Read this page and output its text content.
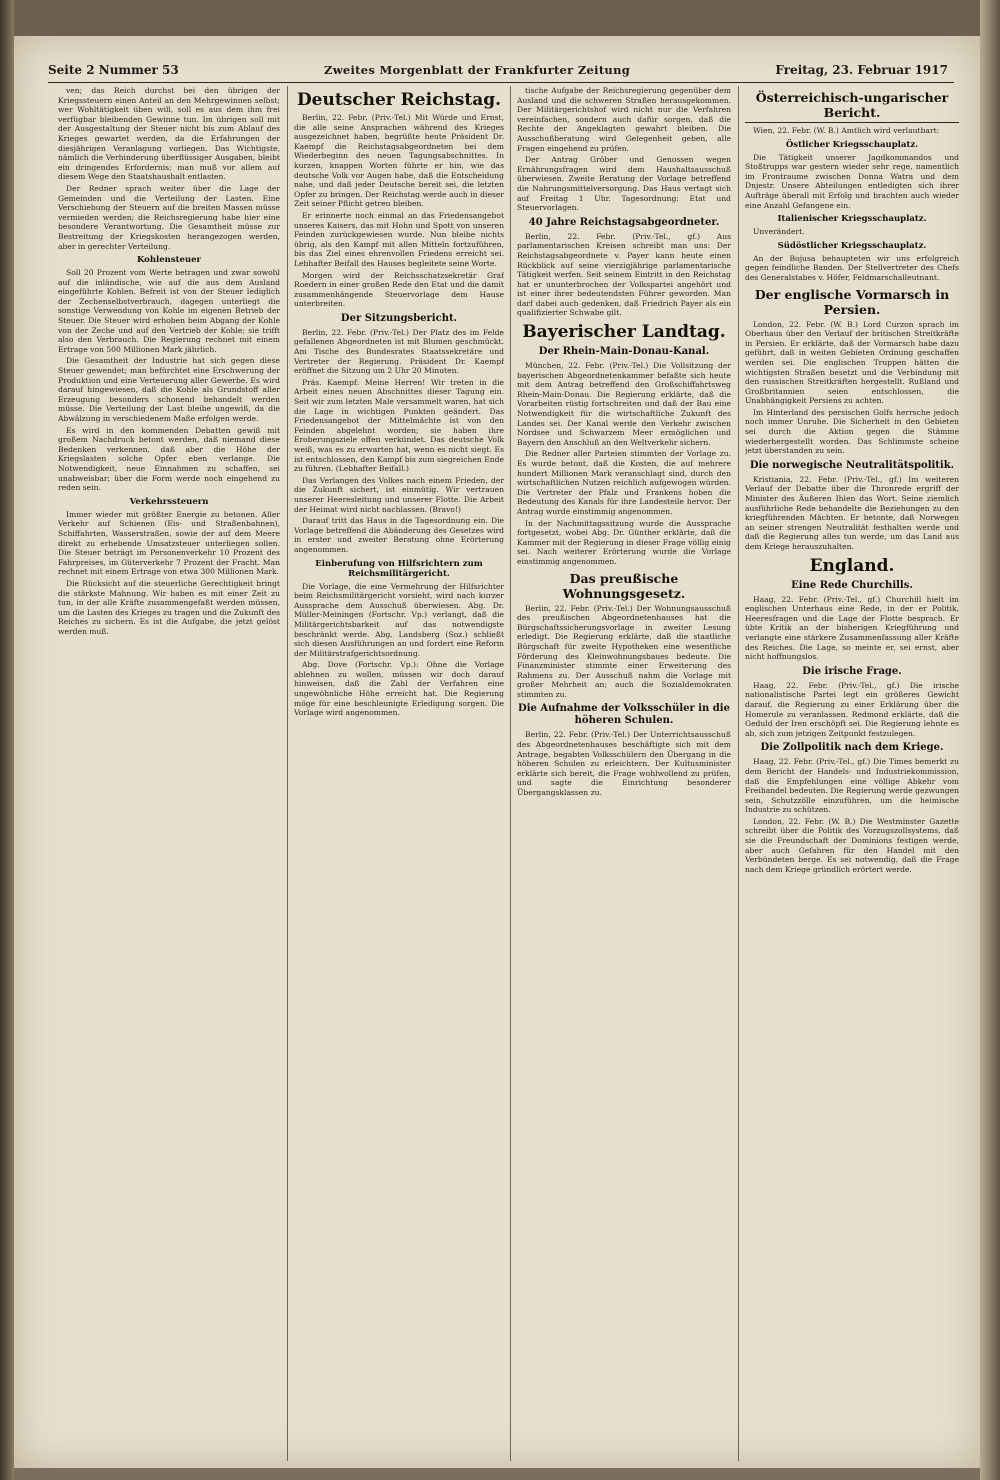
Seite 2 Nummer 53	Zweites Morgenblatt der Frankfurter Zeitung	Freitag, 23. Februar 1917

ven; das Reich durchst bei den übrigen der Kriegssteuern einen Anteil an den Mehrgewinnen selbst; wer Wohltätigkeit üben will, soll es aus dem ihm frei verfügbar bleibenden Gewinne tun. Im übrigen soll mit der Ausgestaltung der Steuer nicht bis zum Ablauf des Krieges gewartet werden, da die Erfahrungen der diesjährigen Veranlagung vorliegen. Das Wichtigste, nämlich die Verhinderung überflüssiger Ausgaben, bleibt ein dringendes Erfordernis; man muß vor allem auf diesem Wege den Staatshaushalt entlasten.

Der Redner sprach weiter über die Lage der Gemeinden und die Verteilung der Lasten. Eine Verschiebung der Steuern auf die breiten Massen müsse vermieden werden; die Reichsregierung habe hier eine besondere Verantwortung. Die Gesamtheit müsse zur Bestreitung der Kriegskosten herangezogen werden, aber in gerechter Verteilung.

Kohlensteuer

Soll 20 Prozent vom Werte betragen und zwar sowohl auf die inländische, wie auf die aus dem Ausland eingeführte Kohlen. Befreit ist von der Steuer lediglich der Zechenselbstverbrauch, dagegen unterliegt die sonstige Verwendung von Kohle im eigenen Betrieb der Steuer. Die Steuer wird erhoben beim Abgang der Kohle von der Zeche und auf den Vertrieb der Kohle; sie trifft also den Verbrauch. Die Regierung rechnet mit einem Ertrage von 500 Millionen Mark jährlich.

Die Gesamtheit der Industrie hat sich gegen diese Steuer gewendet; man befürchtet eine Erschwerung der Produktion und eine Verteuerung aller Gewerbe. Es wird darauf hingewiesen, daß die Kohle als Grundstoff aller Erzeugung besonders schonend behandelt werden müsse. Die Verteilung der Last bleibe ungewiß, da die Abwälzung in verschiedenem Maße erfolgen werde.

Es wird in den kommenden Debatten gewiß mit großem Nachdruck betont werden, daß niemand diese Bedenken verkennen, daß aber die Höhe der Kriegslasten solche Opfer eben verlange. Die Notwendigkeit, neue Einnahmen zu schaffen, sei unabweisbar; über die Form werde noch eingehend zu reden sein.

Verkehrssteuern

Immer wieder mit größter Energie zu betonen. Aller Verkehr auf Schienen (Eis- und Straßenbahnen), Schiffahrten, Wasserstraßen, sowie der auf dem Meere direkt zu erhebende Umsatzsteuer unterliegen sollen. Die Steuer beträgt im Personenverkehr 10 Prozent des Fahrpreises, im Güterverkehr 7 Prozent der Fracht. Man rechnet mit einem Ertrage von etwa 300 Millionen Mark.

Die Rücksicht auf die steuerliche Gerechtigkeit bringt die stärkste Mahnung. Wir haben es mit einer Zeit zu tun, in der alle Kräfte zusammengefaßt werden müssen, um die Lasten des Krieges zu tragen und die Zukunft des Reiches zu sichern. Es ist die Aufgabe, die jetzt gelöst werden muß.

Deutscher Reichstag.

Berlin, 22. Febr. (Priv.-Tel.) Mit Würde und Ernst, die alle seine Ansprachen während des Krieges ausgezeichnet haben, begrüßte heute Präsident Dr. Kaempf die Reichstagsabgeordneten bei dem Wiederbeginn des neuen Tagungsabschnittes. In kurzen, knappen Worten führte er hin, wie das deutsche Volk vor Augen habe, daß die Entscheidung nahe, und daß jeder Deutsche bereit sei, die letzten Opfer zu bringen. Der Reichstag werde auch in dieser Zeit seiner Pflicht getreu bleiben.

Er erinnerte noch einmal an das Friedensangebot unseres Kaisers, das mit Hohn und Spott von unseren Feinden zurückgewiesen wurde. Nun bleibe nichts übrig, als den Kampf mit allen Mitteln fortzuführen, bis das Ziel eines ehrenvollen Friedens erreicht sei. Lebhafter Beifall des Hauses begleitete seine Worte.

Morgen wird der Reichsschatzsekretär Graf Roedern in einer großen Rede den Etat und die damit zusammenhängende Steuervorlage dem Hause unterbreiten.

Der Sitzungsbericht.

Berlin, 22. Febr. (Priv.-Tel.) Der Platz des im Felde gefallenen Abgeordneten ist mit Blumen geschmückt. Am Tische des Bundesrates Staatssekretäre und Vertreter der Regierung. Präsident Dr. Kaempf eröffnet die Sitzung um 2 Uhr 20 Minuten.

Präs. Kaempf: Meine Herren! Wir treten in die Arbeit eines neuen Abschnittes dieser Tagung ein. Seit wir zum letzten Male versammelt waren, hat sich die Lage in wichtigen Punkten geändert. Das Friedensangebot der Mittelmächte ist von den Feinden abgelehnt worden; sie haben ihre Eroberungsziele offen verkündet. Das deutsche Volk weiß, was es zu erwarten hat, wenn es nicht siegt. Es ist entschlossen, den Kampf bis zum siegreichen Ende zu führen. (Lebhafter Beifall.)

Das Verlangen des Volkes nach einem Frieden, der die Zukunft sichert, ist einmütig. Wir vertrauen unserer Heeresleitung und unserer Flotte. Die Arbeit der Heimat wird nicht nachlassen. (Bravo!)

Darauf tritt das Haus in die Tagesordnung ein. Die Vorlage betreffend die Abänderung des Gesetzes wird in erster und zweiter Beratung ohne Erörterung angenommen.

Einberufung von Hilfsrichtern zum Reichsmilitärgericht.

Die Vorlage, die eine Vermehrung der Hilfsrichter beim Reichsmilitärgericht vorsieht, wird nach kurzer Aussprache dem Ausschuß überwiesen. Abg. Dr. Müller-Meiningen (Fortschr. Vp.) verlangt, daß die Militärgerichtsbarkeit auf das notwendigste beschränkt werde. Abg. Landsberg (Soz.) schließt sich diesen Ausführungen an und fordert eine Reform der Militärstrafgerichtsordnung.

Abg. Dove (Fortschr. Vp.): Ohne die Vorlage ablehnen zu wollen, müssen wir doch darauf hinweisen, daß die Zahl der Verfahren eine ungewöhnliche Höhe erreicht hat. Die Regierung möge für eine beschleunigte Erledigung sorgen. Die Vorlage wird angenommen.

tische Aufgabe der Reichsregierung gegenüber dem Ausland und die schweren Straßen herausgekommen. Der Militärgerichtshof wird nicht nur die Verfahren vereinfachen, sondern auch dafür sorgen, daß die Rechte der Angeklagten gewahrt bleiben. Die Ausschußberatung wird Gelegenheit geben, alle Fragen eingehend zu prüfen.

Der Antrag Gröber und Genossen wegen Ernährungsfragen wird dem Haushaltsausschuß überwiesen. Zweite Beratung der Vorlage betreffend die Nahrungsmittelversorgung. Das Haus vertagt sich auf Freitag 1 Uhr. Tagesordnung: Etat und Steuervorlagen.

40 Jahre Reichstagsabgeordneter.

Berlin, 22. Febr. (Priv.-Tel., gf.) Aus parlamentarischen Kreisen schreibt man uns: Der Reichstagsabgeordnete v. Payer kann heute einen Rückblick auf seine vierzigjährige parlamentarische Tätigkeit werfen. Seit seinem Eintritt in den Reichstag hat er ununterbrochen der Volkspartei angehört und ist einer ihrer bedeutendsten Führer geworden. Man darf dabei auch gedenken, daß Friedrich Payer als ein qualifizierter Schwabe gilt.

Bayerischer Landtag.
Der Rhein-Main-Donau-Kanal.

München, 22. Febr. (Priv.-Tel.) Die Vollsitzung der bayerischen Abgeordnetenkammer befaßte sich heute mit dem Antrag betreffend den Großschiffahrtsweg Rhein-Main-Donau. Die Regierung erklärte, daß die Vorarbeiten rüstig fortschreiten und daß der Bau eine Notwendigkeit für die wirtschaftliche Zukunft des Landes sei. Der Kanal werde den Verkehr zwischen Nordsee und Schwarzem Meer ermöglichen und Bayern den Anschluß an den Weltverkehr sichern.

Die Redner aller Parteien stimmten der Vorlage zu. Es wurde betont, daß die Kosten, die auf mehrere hundert Millionen Mark veranschlagt sind, durch den wirtschaftlichen Nutzen reichlich aufgewogen würden. Die Vertreter der Pfalz und Frankens hoben die Bedeutung des Kanals für ihre Landesteile hervor. Der Antrag wurde einstimmig angenommen.

In der Nachmittagssitzung wurde die Aussprache fortgesetzt, wobei Abg. Dr. Günther erklärte, daß die Kammer mit der Regierung in dieser Frage völlig einig sei. Nach weiterer Erörterung wurde die Vorlage einstimmig angenommen.

Das preußische Wohnungsgesetz.

Berlin, 22. Febr. (Priv.-Tel.) Der Wohnungsausschuß des preußischen Abgeordnetenhauses hat die Bürgschaftssicherungsvorlage in zweiter Lesung erledigt. Die Regierung erklärte, daß die staatliche Bürgschaft für zweite Hypotheken eine wesentliche Förderung des Kleinwohnungsbaues bedeute. Die Finanzminister stimmte einer Erweiterung des Rahmens zu. Der Ausschuß nahm die Vorlage mit großer Mehrheit an; auch die Sozialdemokraten stimmten zu.

Die Aufnahme der Volksschüler in die höheren Schulen.

Berlin, 22. Febr. (Priv.-Tel.) Der Unterrichtsausschuß des Abgeordnetenhauses beschäftigte sich mit dem Antrage, begabten Volksschülern den Übergang in die höheren Schulen zu erleichtern. Der Kultusminister erklärte sich bereit, die Frage wohlwollend zu prüfen, und sagte die Einrichtung besonderer Übergangsklassen zu.

Österreichisch-ungarischer Bericht.

Wien, 22. Febr. (W. B.) Amtlich wird verlautbart:

Östlicher Kriegsschauplatz.

Die Tätigkeit unserer Jagdkommandos und Stoßtrupps war gestern wieder sehr rege, namentlich im Frontraume zwischen Donna Watra und dem Dnjestr. Unsere Abteilungen entledigten sich ihrer Aufträge überall mit Erfolg und brachten auch wieder eine Anzahl Gefangene ein.

Italienischer Kriegsschauplatz.

Unverändert.

Südöstlicher Kriegsschauplatz.

An der Bojusa behaupteten wir uns erfolgreich gegen feindliche Banden. Der Stellvertreter des Chefs des Generalstabes v. Höfer, Feldmarschalleutnant.

Der englische Vormarsch in Persien.

London, 22. Febr. (W. B.) Lord Curzon sprach im Oberhaus über den Verlauf der britischen Streitkräfte in Persien. Er erklärte, daß der Vormarsch habe dazu geführt, daß in weiten Gebieten Ordnung geschaffen werden sei. Die englischen Truppen hätten die wichtigsten Straßen besetzt und die Verbindung mit den russischen Streitkräften hergestellt. Rußland und Großbritannien seien entschlossen, die Unabhängigkeit Persiens zu achten.

Im Hinterland des persischen Golfs herrsche jedoch noch immer Unruhe. Die Sicherheit in den Gebieten sei durch die Aktion gegen die Stämme wiederhergestellt worden. Das Schlimmste scheine jetzt überstanden zu sein.

Die norwegische Neutralitätspolitik.

Kristiania, 22. Febr. (Priv.-Tel., gf.) Im weiteren Verlauf der Debatte über die Thronrede ergriff der Minister des Äußeren Ihlen das Wort. Seine ziemlich ausführliche Rede behandelte die Beziehungen zu den kriegführenden Mächten. Er betonte, daß Norwegen an seiner strengen Neutralität festhalten werde und daß die Regierung alles tun werde, um das Land aus dem Kriege herauszuhalten.

England.
Eine Rede Churchills.

Haag, 22. Febr. (Priv.-Tel., gf.) Churchill hielt im englischen Unterhaus eine Rede, in der er Politik, Heeresfragen und die Lage der Flotte besprach. Er übte Kritik an der bisherigen Kriegführung und verlangte eine stärkere Zusammenfassung aller Kräfte des Reiches. Die Lage, so meinte er, sei ernst, aber nicht hoffnungslos.

Die irische Frage.

Haag, 22. Febr. (Priv.-Tel., gf.) Die irische nationalistische Partei legt ein größeres Gewicht darauf, die Regierung zu einer Erklärung über die Homerule zu veranlassen. Redmond erklärte, daß die Geduld der Iren erschöpft sei. Die Regierung lehnte es ab, sich zum jetzigen Zeitpunkt festzulegen.

Die Zollpolitik nach dem Kriege.

Haag, 22. Febr. (Priv.-Tel., gf.) Die Times bemerkt zu dem Bericht der Handels- und Industriekommission, daß die Empfehlungen eine völlige Abkehr vom Freihandel bedeuten. Die Regierung werde gezwungen sein, Schutzzölle einzuführen, um die heimische Industrie zu schützen.

London, 22. Febr. (W. B.) Die Westminster Gazette schreibt über die Politik des Vorzugszollsystems, daß sie die Freundschaft der Dominions festigen werde, aber auch Gefahren für den Handel mit den Verbündeten berge. Es sei notwendig, daß die Frage nach dem Kriege gründlich erörtert werde.
